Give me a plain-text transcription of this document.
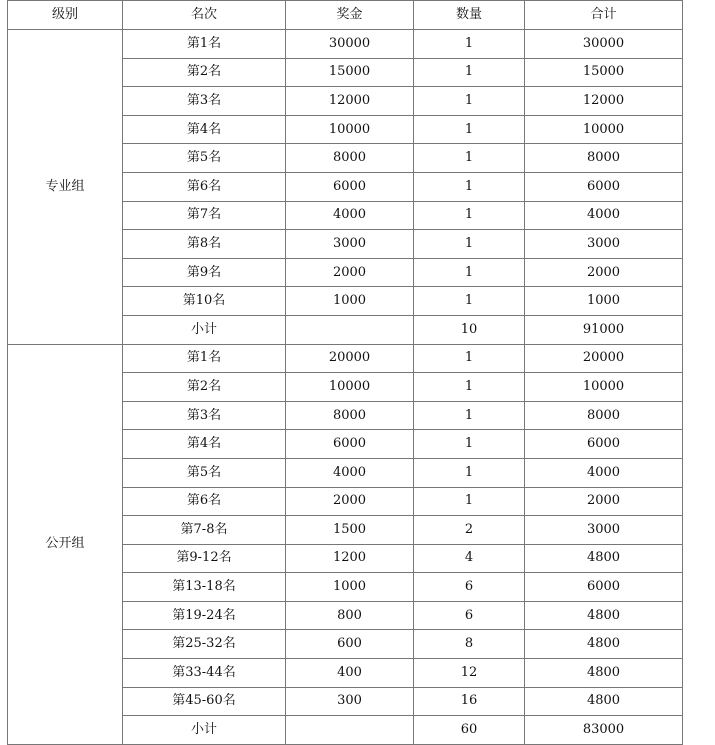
级别	名次	奖金	数量	合计
专业组	第1名	30000	1	30000
	第2名	15000	1	15000
	第3名	12000	1	12000
	第4名	10000	1	10000
	第5名	8000	1	8000
	第6名	6000	1	6000
	第7名	4000	1	4000
	第8名	3000	1	3000
	第9名	2000	1	2000
	第10名	1000	1	1000
	小计		10	91000
公开组	第1名	20000	1	20000
	第2名	10000	1	10000
	第3名	8000	1	8000
	第4名	6000	1	6000
	第5名	4000	1	4000
	第6名	2000	1	2000
	第7-8名	1500	2	3000
	第9-12名	1200	4	4800
	第13-18名	1000	6	6000
	第19-24名	800	6	4800
	第25-32名	600	8	4800
	第33-44名	400	12	4800
	第45-60名	300	16	4800
	小计		60	83000
